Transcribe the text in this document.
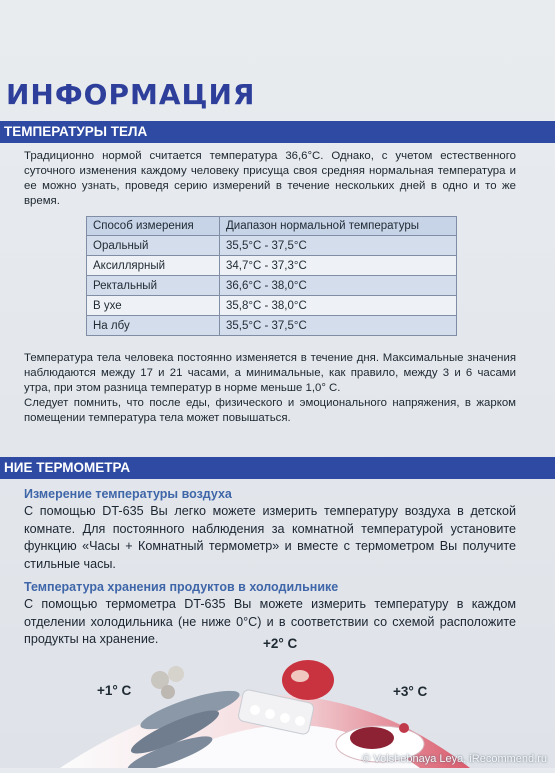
ИНФОРМАЦИЯ
ТЕМПЕРАТУРЫ ТЕЛА
Традиционно нормой считается температура 36,6°С. Однако, с учетом естественного суточного изменения каждому человеку присуща своя средняя нормальная температура и ее можно узнать, проведя серию измерений в течение нескольких дней в одно и то же время.
Способ измерения	Диапазон нормальной температуры
Оральный	35,5°С - 37,5°С
Аксиллярный	34,7°С - 37,3°С
Ректальный	36,6°С - 38,0°С
В ухе	35,8°С - 38,0°С
На лбу	35,5°С - 37,5°С
Температура тела человека постоянно изменяется в течение дня. Максимальные значения наблюдаются между 17 и 21 часами, а минимальные, как правило, между 3 и 6 часами утра, при этом разница температур в норме меньше 1,0° С.
Следует помнить, что после еды, физического и эмоционального напряжения, в жарком помещении температура тела может повышаться.
НИЕ ТЕРМОМЕТРА
Измерение температуры воздуха
С помощью DT-635 Вы легко можете измерить температуру воздуха в детской комнате. Для постоянного наблюдения за комнатной температурой установите функцию «Часы + Комнатный термометр» и вместе с термометром Вы получите стильные часы.
Температура хранения продуктов в холодильнике
С помощью термометра DT-635 Вы можете измерить температуру в каждом отделении холодильника (не ниже 0°С) и в соответствии со схемой расположите продукты на хранение.
+1° С
+2° С
+3° С
© Volshebnaya Leya, iRecommend.ru
